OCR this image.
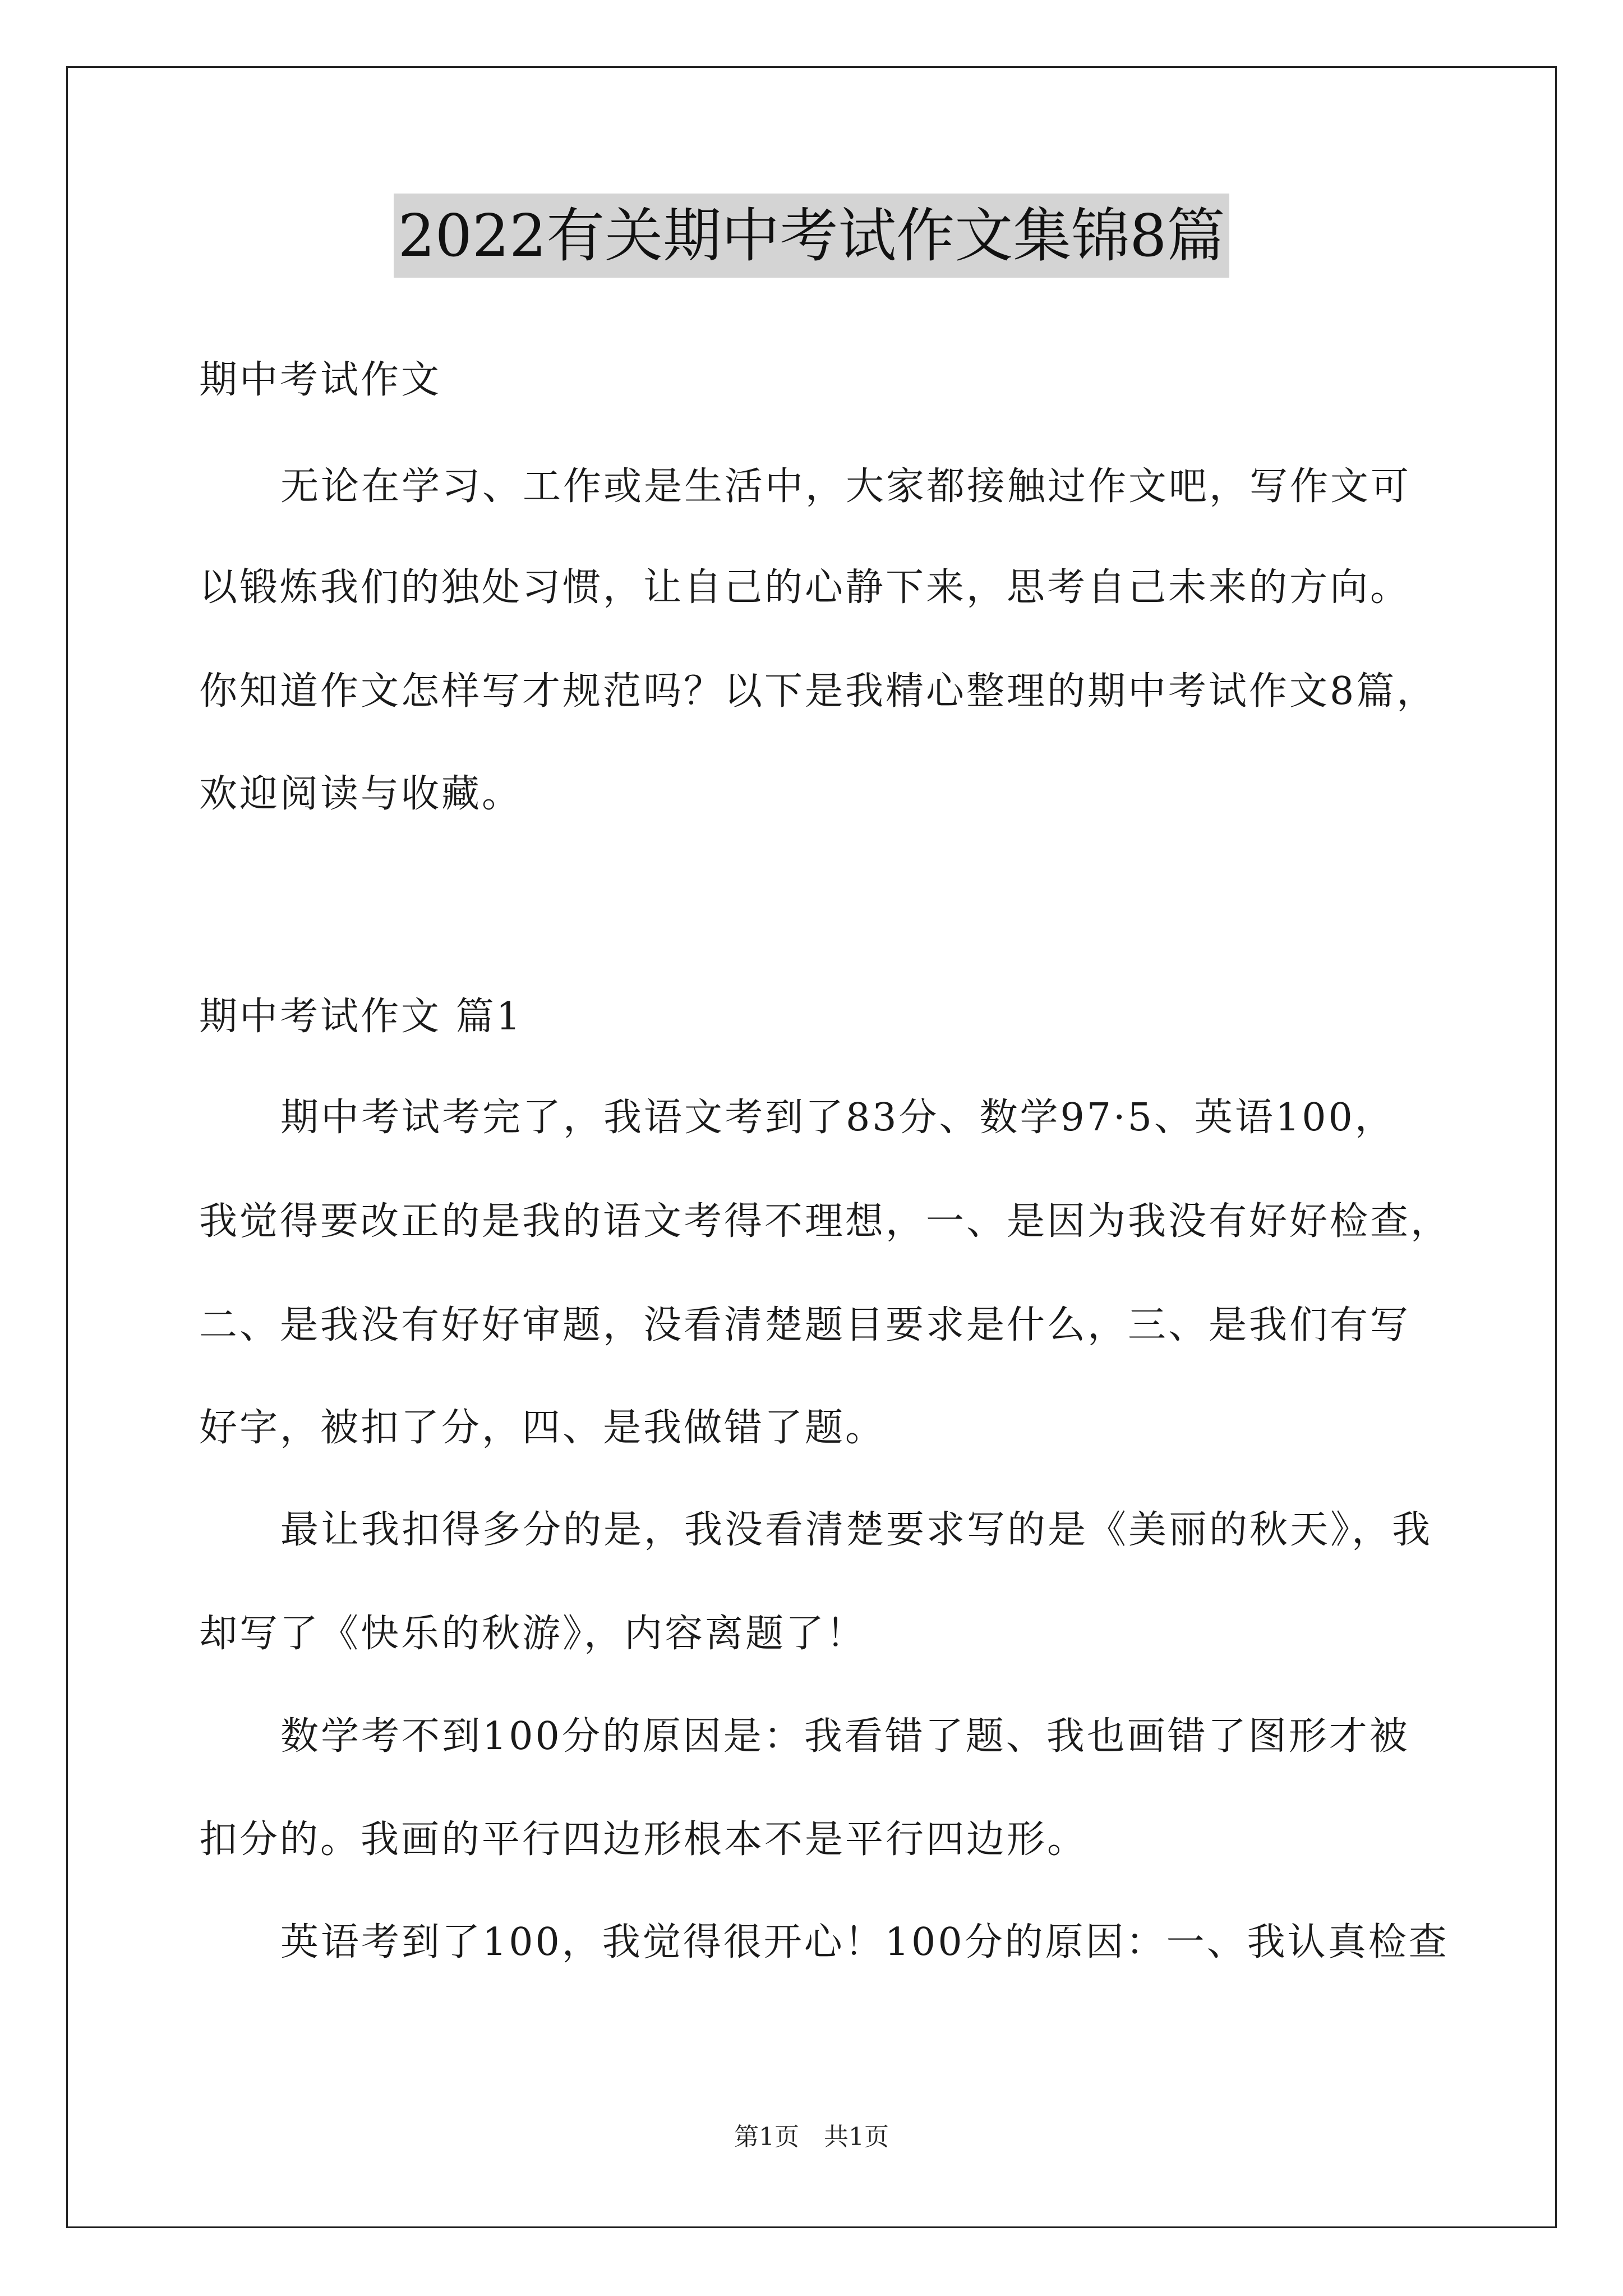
2022有关期中考试作文集锦8篇
期中考试作文
无论在学习、工作或是生活中，大家都接触过作文吧，写作文可
以锻炼我们的独处习惯，让自己的心静下来，思考自己未来的方向。
你知道作文怎样写才规范吗？以下是我精心整理的期中考试作文8篇，
欢迎阅读与收藏。
期中考试作文 篇1
期中考试考完了，我语文考到了83分、数学97·5、英语100，
我觉得要改正的是我的语文考得不理想，一、是因为我没有好好检查，
二、是我没有好好审题，没看清楚题目要求是什么，三、是我们有写
好字，被扣了分，四、是我做错了题。
最让我扣得多分的是，我没看清楚要求写的是《美丽的秋天》，我
却写了《快乐的秋游》，内容离题了！
数学考不到100分的原因是：我看错了题、我也画错了图形才被
扣分的。我画的平行四边形根本不是平行四边形。
英语考到了100，我觉得很开心！100分的原因：一、我认真检查
第1页　共1页
